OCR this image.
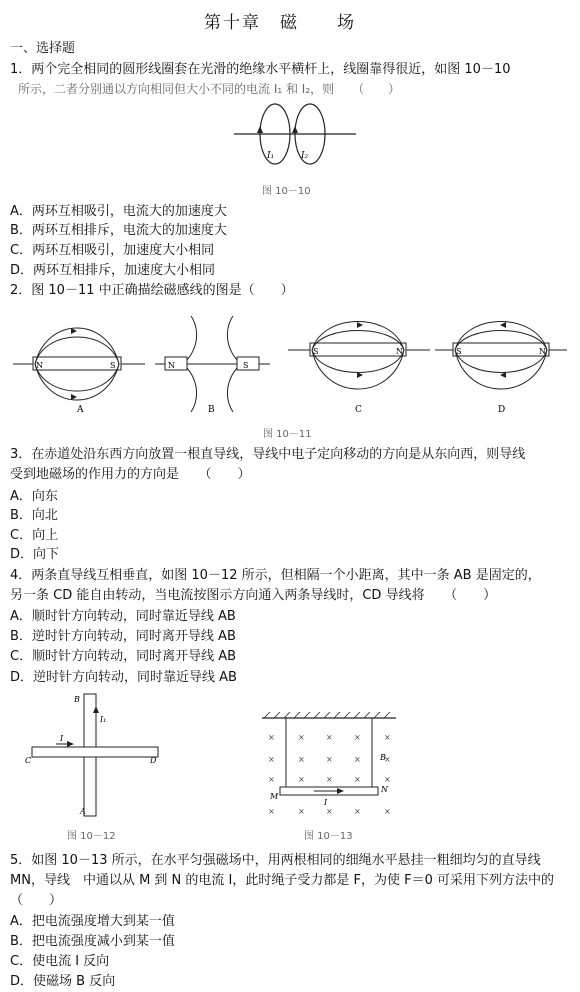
第十章　磁　　场
一、选择题
1．两个完全相同的圆形线圈套在光滑的绝缘水平横杆上，线圈靠得很近，如图 10－10
所示，二者分别通以方向相同但大小不同的电流 I₁ 和 I₂，则　　（　　）
I₁	I₂
图 10－10
A．两环互相吸引，电流大的加速度大
B．两环互相排斥，电流大的加速度大
C．两环互相吸引，加速度大小相同
D．两环互相排斥，加速度大小相同
2．图 10－11 中正确描绘磁感线的图是（　　）
N	S
A
N	S
B
S	N
C
S	N
D
图 10－11
3．在赤道处沿东西方向放置一根直导线，导线中电子定向移动的方向是从东向西，则导线
受到地磁场的作用力的方向是　　（　　）
A．向东
B．向北
C．向上
D．向下
4．两条直导线互相垂直，如图 10－12 所示，但相隔一个小距离，其中一条 AB 是固定的，
另一条 CD 能自由转动，当电流按图示方向通入两条导线时，CD 导线将　　（　　）
A．顺时针方向转动，同时靠近导线 AB
B．逆时针方向转动，同时离开导线 AB
C．顺时针方向转动，同时离开导线 AB
D．逆时针方向转动，同时靠近导线 AB
B
I₁
I
C	D
A
图 10－12
×	×	×	×	×
×	×	×	×	×
×	×	×	×	×
×	×	×	×	×
M
N
B
I
图 10－13
5．如图 10－13 所示，在水平匀强磁场中，用两根相同的细绳水平悬挂一粗细均匀的直导线
MN，导线　中通以从 M 到 N 的电流 I，此时绳子受力都是 F，为使 F＝0 可采用下列方法中的
（　　）
A．把电流强度增大到某一值
B．把电流强度减小到某一值
C．使电流 I 反向
D．使磁场 B 反向
